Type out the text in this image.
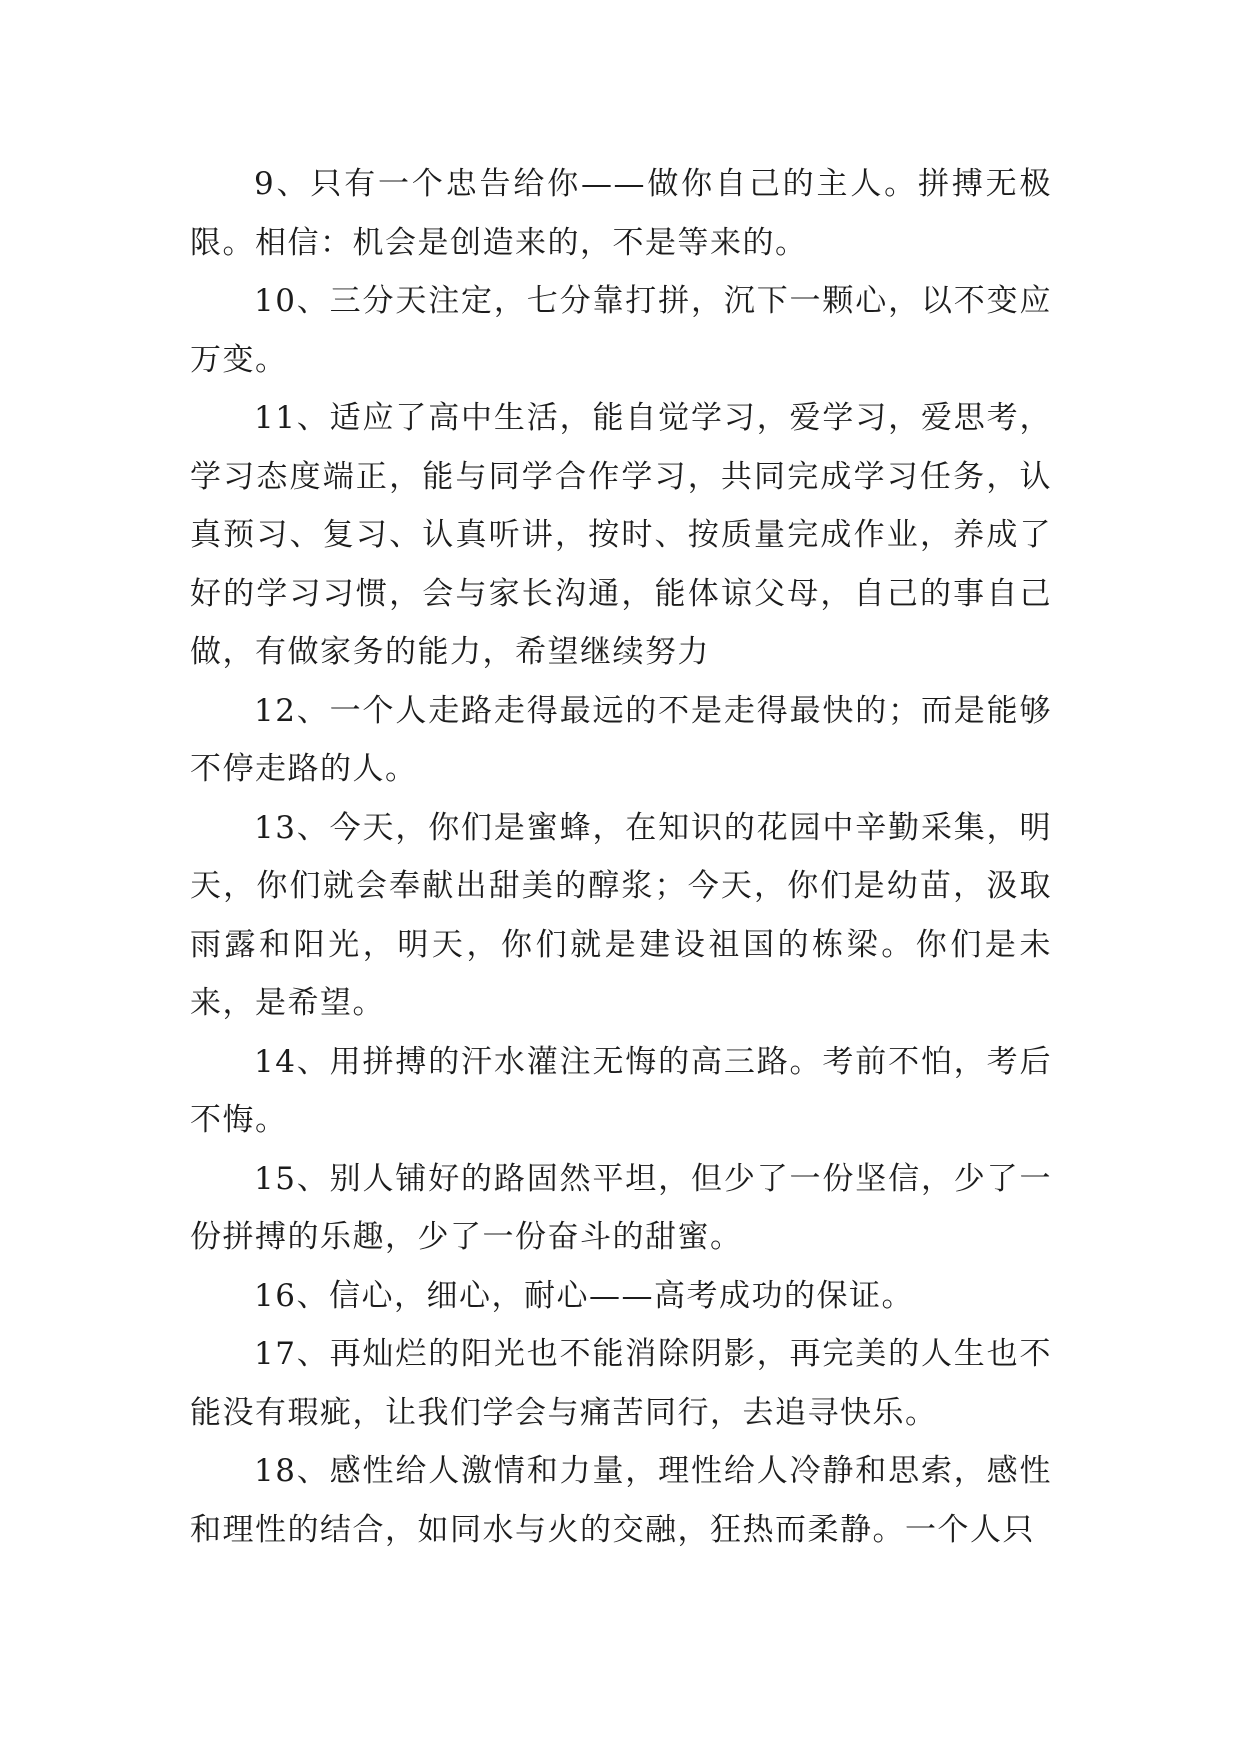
9、只有一个忠告给你——做你自己的主人。拼搏无极限。相信：机会是创造来的，不是等来的。

10、三分天注定，七分靠打拼，沉下一颗心，以不变应万变。

11、适应了高中生活，能自觉学习，爱学习，爱思考，学习态度端正，能与同学合作学习，共同完成学习任务，认真预习、复习、认真听讲，按时、按质量完成作业，养成了好的学习习惯，会与家长沟通，能体谅父母，自己的事自己做，有做家务的能力，希望继续努力

12、一个人走路走得最远的不是走得最快的；而是能够不停走路的人。

13、今天，你们是蜜蜂，在知识的花园中辛勤采集，明天，你们就会奉献出甜美的醇浆；今天，你们是幼苗，汲取雨露和阳光，明天，你们就是建设祖国的栋梁。你们是未来，是希望。

14、用拼搏的汗水灌注无悔的高三路。考前不怕，考后不悔。

15、别人铺好的路固然平坦，但少了一份坚信，少了一份拼搏的乐趣，少了一份奋斗的甜蜜。

16、信心，细心，耐心——高考成功的保证。

17、再灿烂的阳光也不能消除阴影，再完美的人生也不能没有瑕疵，让我们学会与痛苦同行，去追寻快乐。

18、感性给人激情和力量，理性给人冷静和思索，感性和理性的结合，如同水与火的交融，狂热而柔静。一个人只
